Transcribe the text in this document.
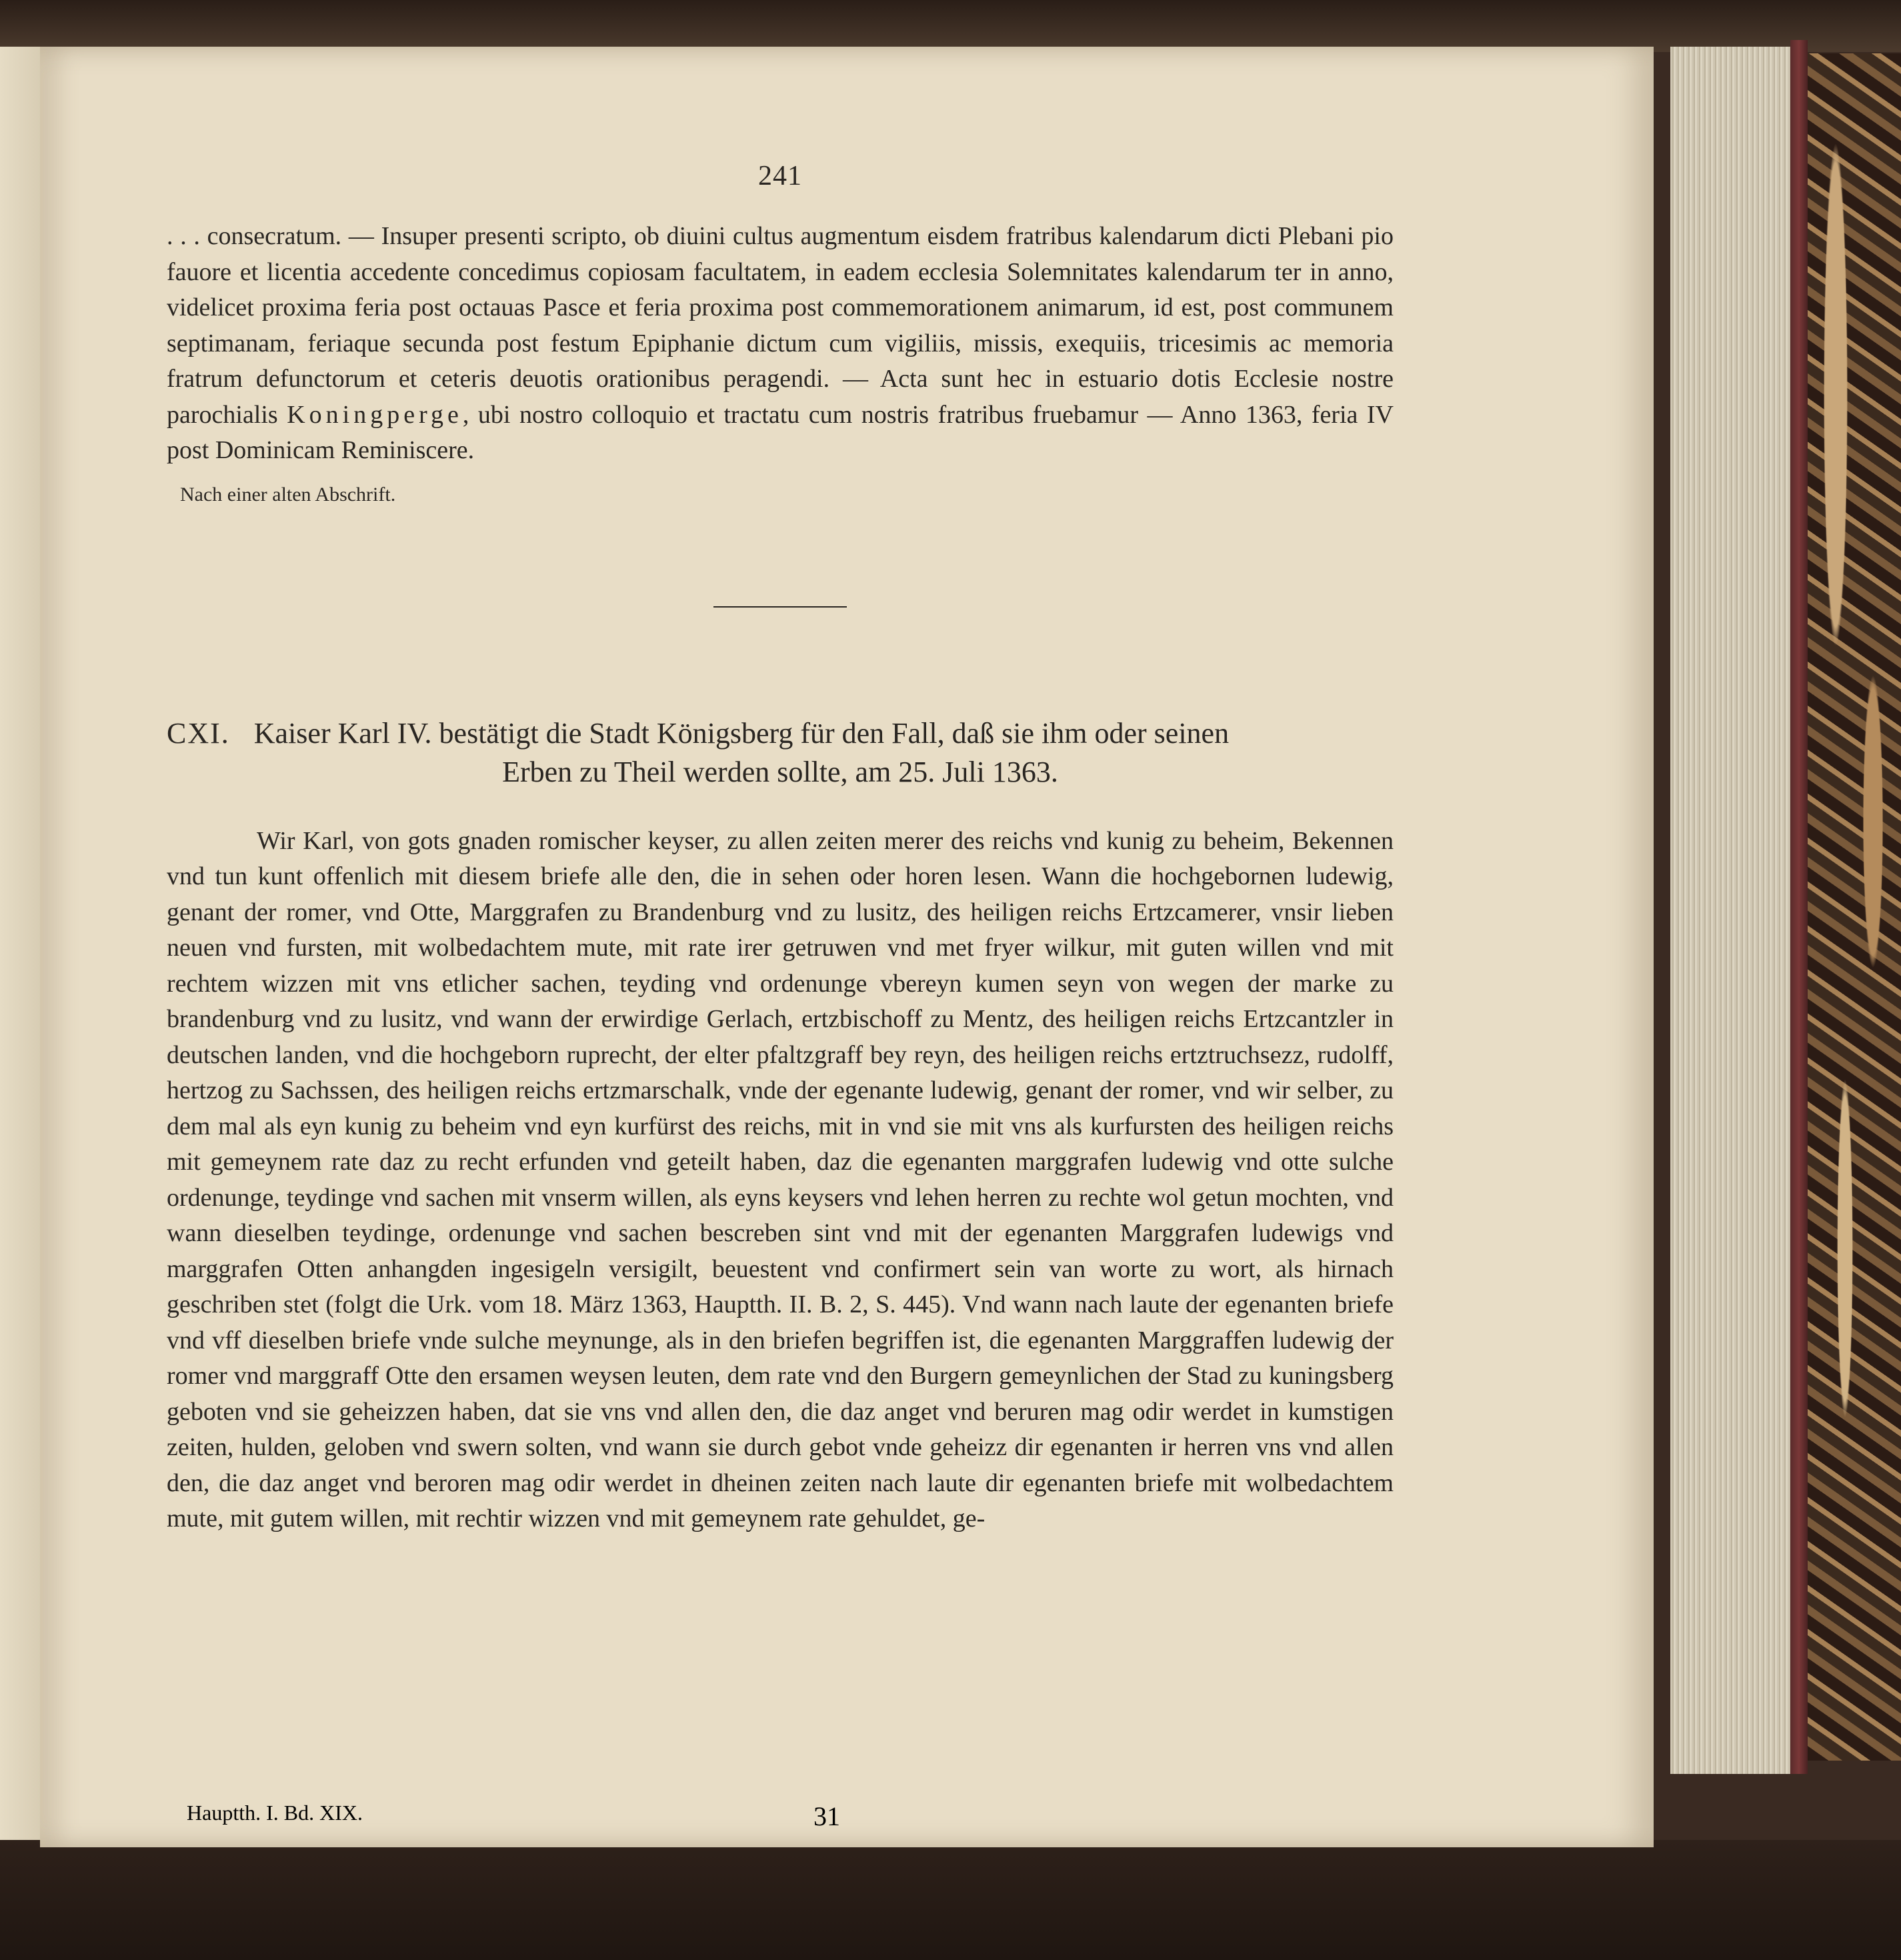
241

. . . consecratum. — Insuper presenti scripto, ob diuini cultus augmentum eisdem fratribus kalendarum dicti Plebani pio fauore et licentia accedente concedimus copiosam facultatem, in eadem ecclesia Solemnitates kalendarum ter in anno, videlicet proxima feria post octauas Pasce et feria proxima post commemorationem animarum, id est, post communem septimanam, feriaque secunda post festum Epiphanie dictum cum vigiliis, missis, exequiis, tricesimis ac memoria fratrum defunctorum et ceteris deuotis orationibus peragendi. — Acta sunt hec in estuario dotis Ecclesie nostre parochialis Koningperge, ubi nostro colloquio et tractatu cum nostris fratribus fruebamur — Anno 1363, feria IV post Dominicam Reminiscere.

Nach einer alten Abschrift.
CXI. Kaiser Karl IV. bestätigt die Stadt Königsberg für den Fall, daß sie ihm oder seinen
Erben zu Theil werden sollte, am 25. Juli 1363.

Wir Karl, von gots gnaden romischer keyser, zu allen zeiten merer des reichs vnd kunig zu beheim, Bekennen vnd tun kunt offenlich mit diesem briefe alle den, die in sehen oder horen lesen. Wann die hochgebornen ludewig, genant der romer, vnd Otte, Marggrafen zu Brandenburg vnd zu lusitz, des heiligen reichs Ertzcamerer, vnsir lieben neuen vnd fursten, mit wolbedachtem mute, mit rate irer getruwen vnd met fryer wilkur, mit guten willen vnd mit rechtem wizzen mit vns etlicher sachen, teyding vnd ordenunge vbereyn kumen seyn von wegen der marke zu brandenburg vnd zu lusitz, vnd wann der erwirdige Gerlach, ertzbischoff zu Mentz, des heiligen reichs Ertzcantzler in deutschen landen, vnd die hochgeborn ruprecht, der elter pfaltzgraff bey reyn, des heiligen reichs ertztruchsezz, rudolff, hertzog zu Sachssen, des heiligen reichs ertzmarschalk, vnde der egenante ludewig, genant der romer, vnd wir selber, zu dem mal als eyn kunig zu beheim vnd eyn kurfürst des reichs, mit in vnd sie mit vns als kurfursten des heiligen reichs mit gemeynem rate daz zu recht erfunden vnd geteilt haben, daz die egenanten marggrafen ludewig vnd otte sulche ordenunge, teydinge vnd sachen mit vnserm willen, als eyns keysers vnd lehen herren zu rechte wol getun mochten, vnd wann dieselben teydinge, ordenunge vnd sachen bescreben sint vnd mit der egenanten Marggrafen ludewigs vnd marggrafen Otten anhangden ingesigeln versigilt, beuestent vnd confirmert sein van worte zu wort, als hirnach geschriben stet (folgt die Urk. vom 18. März 1363, Hauptth. II. B. 2, S. 445). Vnd wann nach laute der egenanten briefe vnd vff dieselben briefe vnde sulche meynunge, als in den briefen begriffen ist, die egenanten Marggraffen ludewig der romer vnd marggraff Otte den ersamen weysen leuten, dem rate vnd den Burgern gemeynlichen der Stad zu kuningsberg geboten vnd sie geheizzen haben, dat sie vns vnd allen den, die daz anget vnd beruren mag odir werdet in kumstigen zeiten, hulden, geloben vnd swern solten, vnd wann sie durch gebot vnde geheizz dir egenanten ir herren vns vnd allen den, die daz anget vnd beroren mag odir werdet in dheinen zeiten nach laute dir egenanten briefe mit wolbedachtem mute, mit gutem willen, mit rechtir wizzen vnd mit gemeynem rate gehuldet, ge-

Hauptth. I. Bd. XIX.	31
